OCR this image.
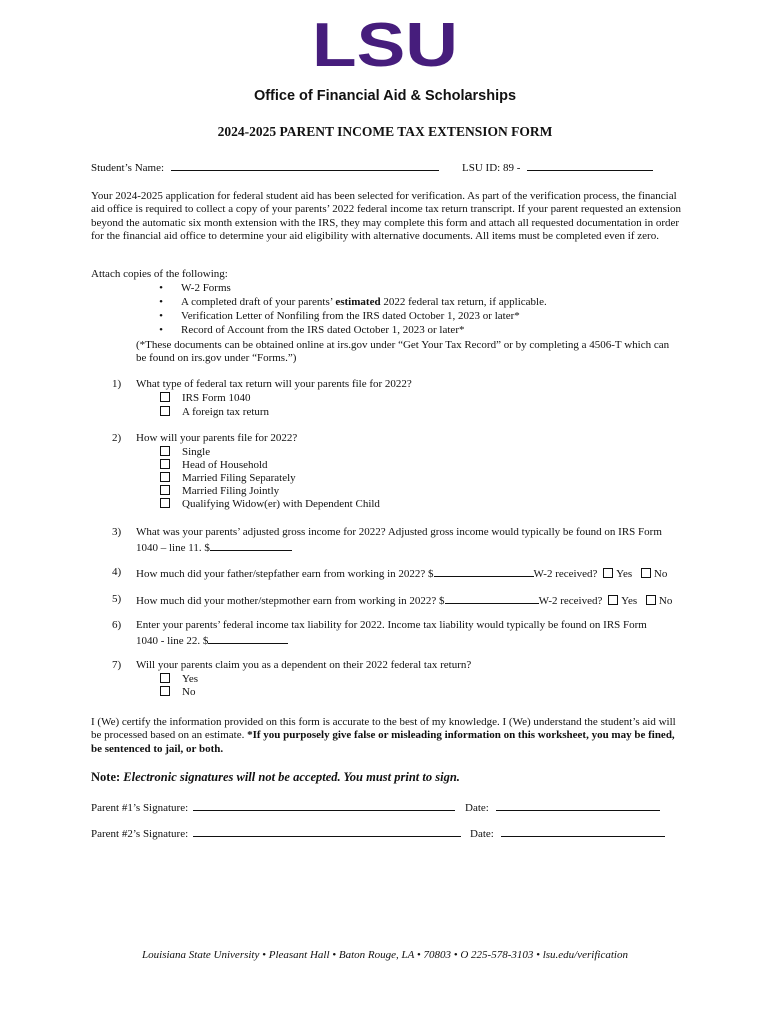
LSU
Office of Financial Aid & Scholarships
2024-2025 PARENT INCOME TAX EXTENSION FORM
Student’s Name:	LSU ID: 89 -
Your 2024-2025 application for federal student aid has been selected for verification. As part of the verification process, the financial aid office is required to collect a copy of your parents’ 2022 federal income tax return transcript. If your parent requested an extension beyond the automatic six month extension with the IRS, they may complete this form and attach all requested documentation in order for the financial aid office to determine your aid eligibility with alternative documents. All items must be completed even if zero.
Attach copies of the following:
• W-2 Forms
• A completed draft of your parents’ estimated 2022 federal tax return, if applicable.
• Verification Letter of Nonfiling from the IRS dated October 1, 2023 or later*
• Record of Account from the IRS dated October 1, 2023 or later*
(*These documents can be obtained online at irs.gov under “Get Your Tax Record” or by completing a 4506-T which can be found on irs.gov under “Forms.”)
1) What type of federal tax return will your parents file for 2022?
IRS Form 1040
A foreign tax return
2) How will your parents file for 2022?
Single
Head of Household
Married Filing Separately
Married Filing Jointly
Qualifying Widow(er) with Dependent Child
3) What was your parents’ adjusted gross income for 2022? Adjusted gross income would typically be found on IRS Form
1040 – line 11. $
4) How much did your father/stepfather earn from working in 2022? $	W-2 received? Yes No
5) How much did your mother/stepmother earn from working in 2022? $	W-2 received? Yes No
6) Enter your parents’ federal income tax liability for 2022. Income tax liability would typically be found on IRS Form
1040 - line 22. $
7) Will your parents claim you as a dependent on their 2022 federal tax return?
Yes
No
I (We) certify the information provided on this form is accurate to the best of my knowledge. I (We) understand the student’s aid will be processed based on an estimate. *If you purposely give false or misleading information on this worksheet, you may be fined, be sentenced to jail, or both.
Note: Electronic signatures will not be accepted. You must print to sign.
Parent #1’s Signature:	Date:
Parent #2’s Signature:	Date:
Louisiana State University • Pleasant Hall • Baton Rouge, LA • 70803 • O 225-578-3103 • lsu.edu/verification
